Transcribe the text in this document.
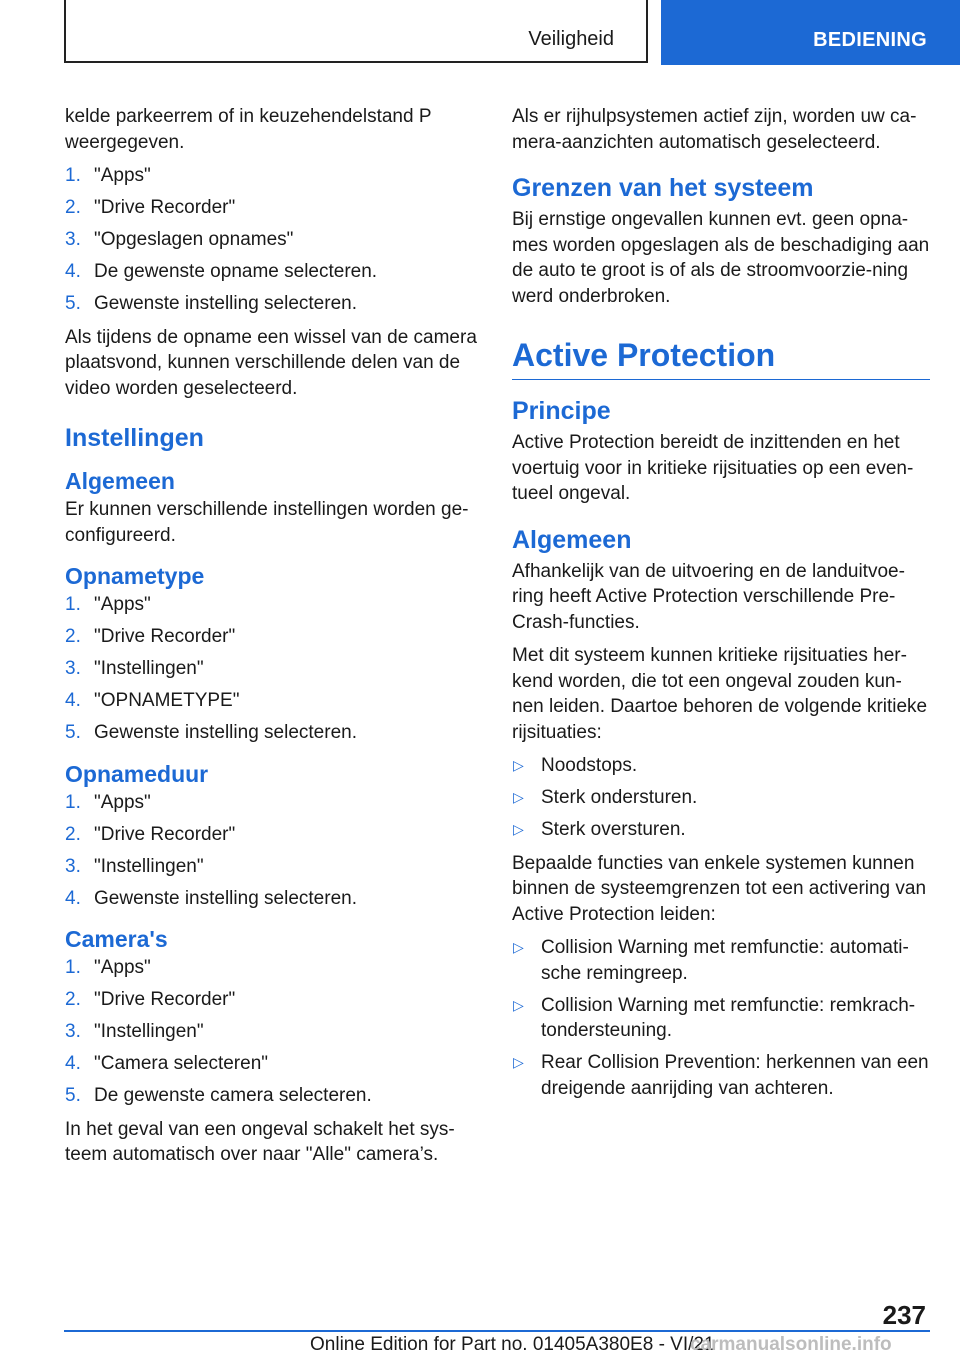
Veiligheid	BEDIENING

kelde parkeerrem of in keuzehendelstand P weergegeven.

1. "Apps"
2. "Drive Recorder"
3. "Opgeslagen opnames"
4. De gewenste opname selecteren.
5. Gewenste instelling selecteren.

Als tijdens de opname een wissel van de camera plaatsvond, kunnen verschillende delen van de video worden geselecteerd.

Instellingen
Algemeen

Er kunnen verschillende instellingen worden ge‐configureerd.

Opnametype
1. "Apps"
2. "Drive Recorder"
3. "Instellingen"
4. "OPNAMETYPE"
5. Gewenste instelling selecteren.
Opnameduur
1. "Apps"
2. "Drive Recorder"
3. "Instellingen"
4. Gewenste instelling selecteren.
Camera's
1. "Apps"
2. "Drive Recorder"
3. "Instellingen"
4. "Camera selecteren"
5. De gewenste camera selecteren.

In het geval van een ongeval schakelt het sys‐teem automatisch over naar "Alle" camera’s.

Als er rijhulpsystemen actief zijn, worden uw ca‐mera-aanzichten automatisch geselecteerd.

Grenzen van het systeem

Bij ernstige ongevallen kunnen evt. geen opna‐mes worden opgeslagen als de beschadiging aan de auto te groot is of als de stroomvoorzie‐ning werd onderbroken.

Active Protection
Principe

Active Protection bereidt de inzittenden en het voertuig voor in kritieke rijsituaties op een even‐tueel ongeval.

Algemeen

Afhankelijk van de uitvoering en de landuitvoe‐ring heeft Active Protection verschillende Pre-Crash-functies.

Met dit systeem kunnen kritieke rijsituaties her‐kend worden, die tot een ongeval zouden kun‐nen leiden. Daartoe behoren de volgende kritieke rijsituaties:

▷ Noodstops.
▷ Sterk ondersturen.
▷ Sterk oversturen.

Bepaalde functies van enkele systemen kunnen binnen de systeemgrenzen tot een activering van Active Protection leiden:

▷ Collision Warning met remfunctie: automati‐sche remingreep.
▷ Collision Warning met remfunctie: remkrach‐tondersteuning.
▷ Rear Collision Prevention: herkennen van een dreigende aanrijding van achteren.
237
Online Edition for Part no. 01405A380E8 - VI/21
carmanualsonline.info
